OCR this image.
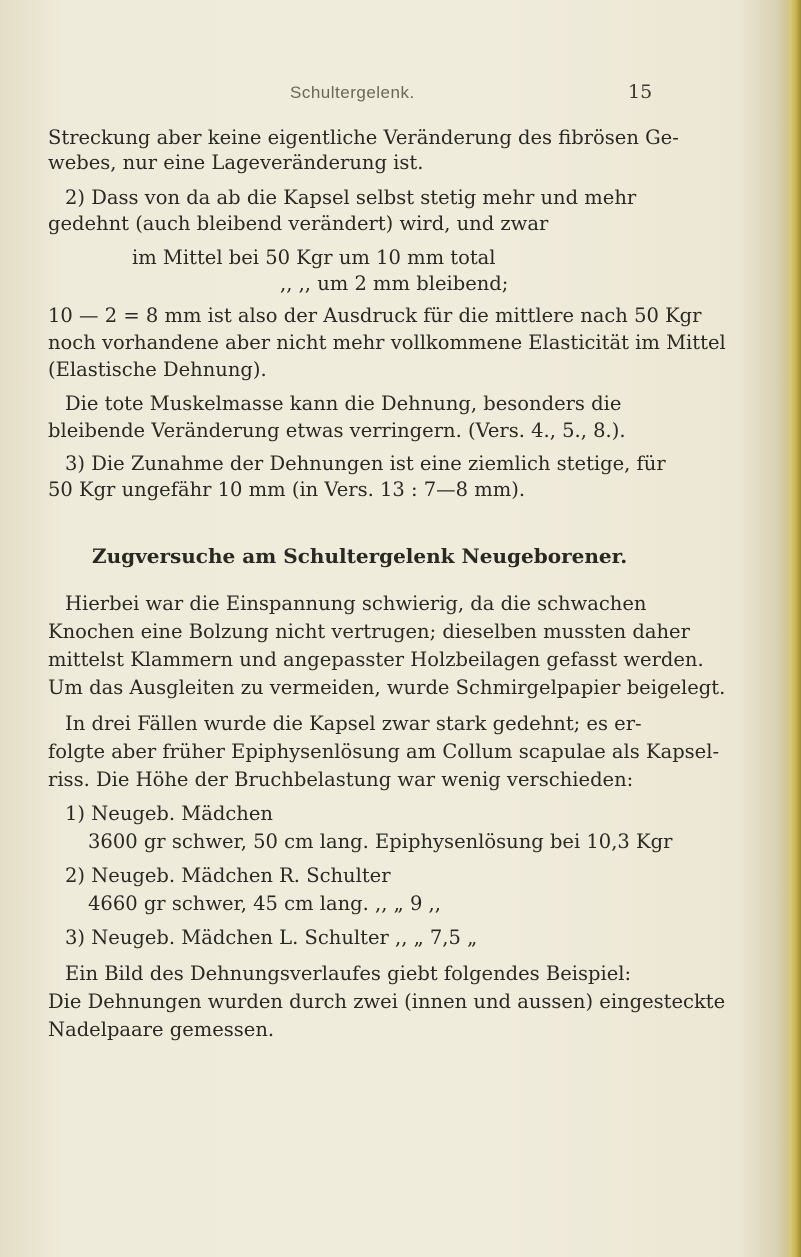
Schultergelenk.	15
Streckung aber keine eigentliche Veränderung des fibrösen Ge-
webes, nur eine Lageveränderung ist.
2) Dass von da ab die Kapsel selbst stetig mehr und mehr
gedehnt (auch bleibend verändert) wird, und zwar
im Mittel bei 50 Kgr um 10 mm total
,, ,, um 2 mm bleibend;
10 — 2 = 8 mm ist also der Ausdruck für die mittlere nach 50 Kgr
noch vorhandene aber nicht mehr vollkommene Elasticität im Mittel
(Elastische Dehnung).
Die tote Muskelmasse kann die Dehnung, besonders die
bleibende Veränderung etwas verringern. (Vers. 4., 5., 8.).
3) Die Zunahme der Dehnungen ist eine ziemlich stetige, für
50 Kgr ungefähr 10 mm (in Vers. 13 : 7—8 mm).
Zugversuche am Schultergelenk Neugeborener.
Hierbei war die Einspannung schwierig, da die schwachen
Knochen eine Bolzung nicht vertrugen; dieselben mussten daher
mittelst Klammern und angepasster Holzbeilagen gefasst werden.
Um das Ausgleiten zu vermeiden, wurde Schmirgelpapier beigelegt.
In drei Fällen wurde die Kapsel zwar stark gedehnt; es er-
folgte aber früher Epiphysenlösung am Collum scapulae als Kapsel-
riss. Die Höhe der Bruchbelastung war wenig verschieden:
1) Neugeb. Mädchen
3600 gr schwer, 50 cm lang. Epiphysenlösung bei 10,3 Kgr
2) Neugeb. Mädchen R. Schulter
4660 gr schwer, 45 cm lang. ,, „ 9 ,,
3) Neugeb. Mädchen L. Schulter ,, „ 7,5 „
Ein Bild des Dehnungsverlaufes giebt folgendes Beispiel:
Die Dehnungen wurden durch zwei (innen und aussen) eingesteckte
Nadelpaare gemessen.
